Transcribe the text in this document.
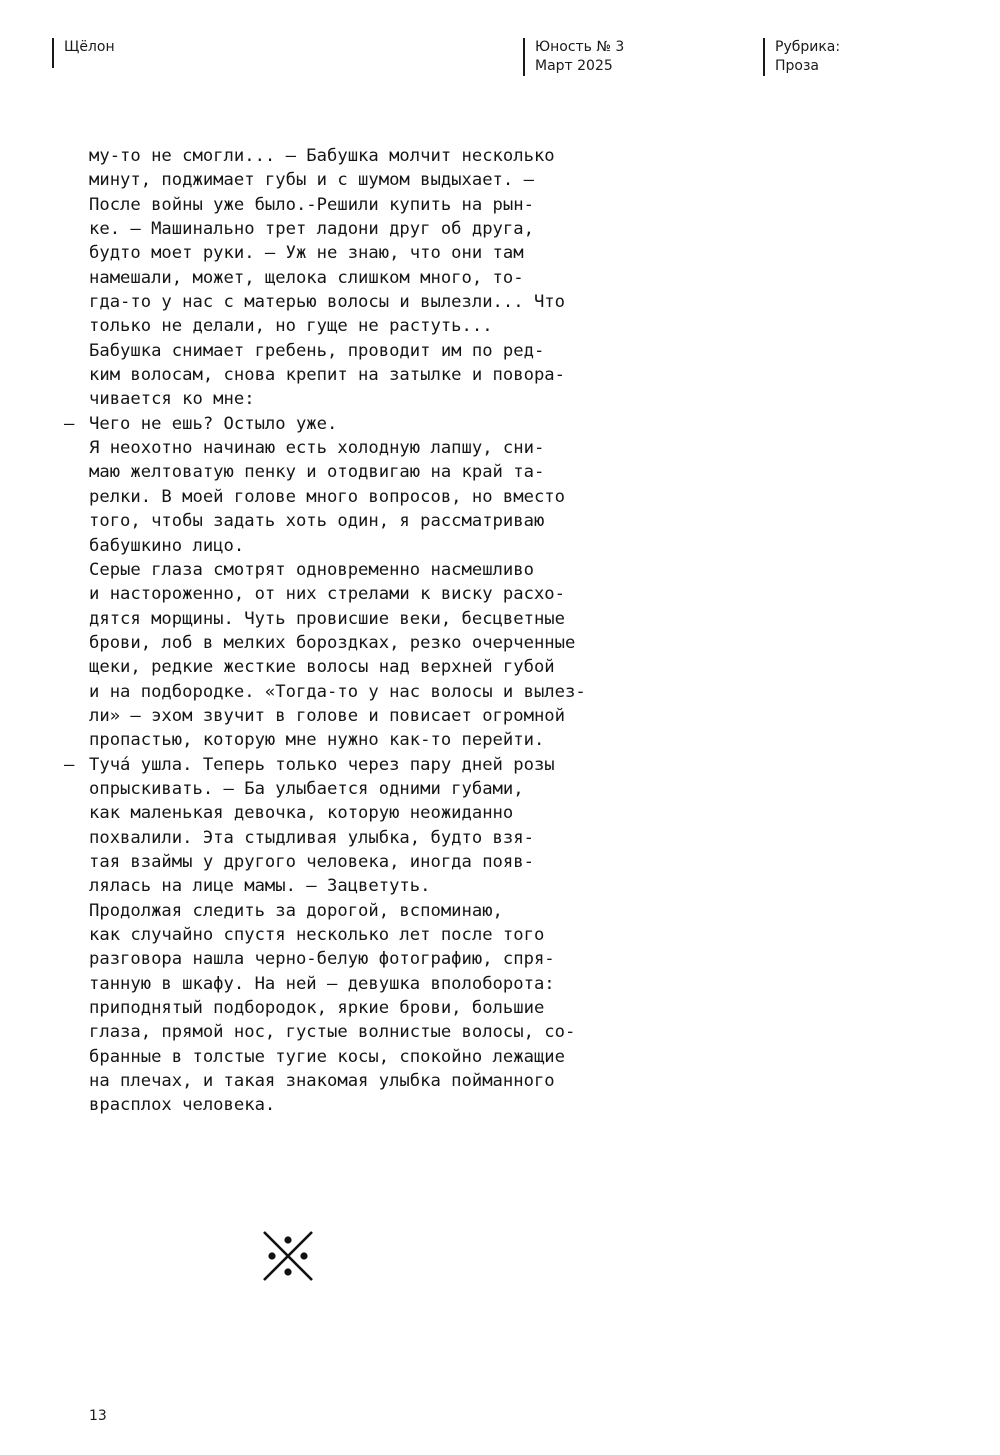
Щёлон	Юность № 3
Март 2025
Рубрика:
Проза
му-то не смогли... – Бабушка молчит несколько
минут, поджимает губы и с шумом выдыхает. –
После войны уже было.-Решили купить на рын-
ке. – Машинально трет ладони друг об друга,
будто моет руки. – Уж не знаю, что они там
намешали, может, щелока слишком много, то-
гда-то у нас с матерью волосы и вылезли... Что
только не делали, но гуще не растуть...
Бабушка снимает гребень, проводит им по ред-
ким волосам, снова крепит на затылке и повора-
чивается ко мне:
– Чего не ешь? Остыло уже.
Я неохотно начинаю есть холодную лапшу, сни-
маю желтоватую пенку и отодвигаю на край та-
релки. В моей голове много вопросов, но вместо
того, чтобы задать хоть один, я рассматриваю
бабушкино лицо.
Серые глаза смотрят одновременно насмешливо
и настороженно, от них стрелами к виску расхо-
дятся морщины. Чуть провисшие веки, бесцветные
брови, лоб в мелких бороздках, резко очерченные
щеки, редкие жесткие волосы над верхней губой
и на подбородке. «Тогда-то у нас волосы и вылез-
ли» – эхом звучит в голове и повисает огромной
пропастью, которую мне нужно как-то перейти.
– Тучá ушла. Теперь только через пару дней розы
опрыскивать. – Ба улыбается одними губами,
как маленькая девочка, которую неожиданно
похвалили. Эта стыдливая улыбка, будто взя-
тая взаймы у другого человека, иногда появ-
лялась на лице мамы. – Зацветуть.
Продолжая следить за дорогой, вспоминаю,
как случайно спустя несколько лет после того
разговора нашла черно-белую фотографию, спря-
танную в шкафу. На ней – девушка вполоборота:
приподнятый подбородок, яркие брови, большие
глаза, прямой нос, густые волнистые волосы, со-
бранные в толстые тугие косы, спокойно лежащие
на плечах, и такая знакомая улыбка пойманного
врасплох человека.
13
